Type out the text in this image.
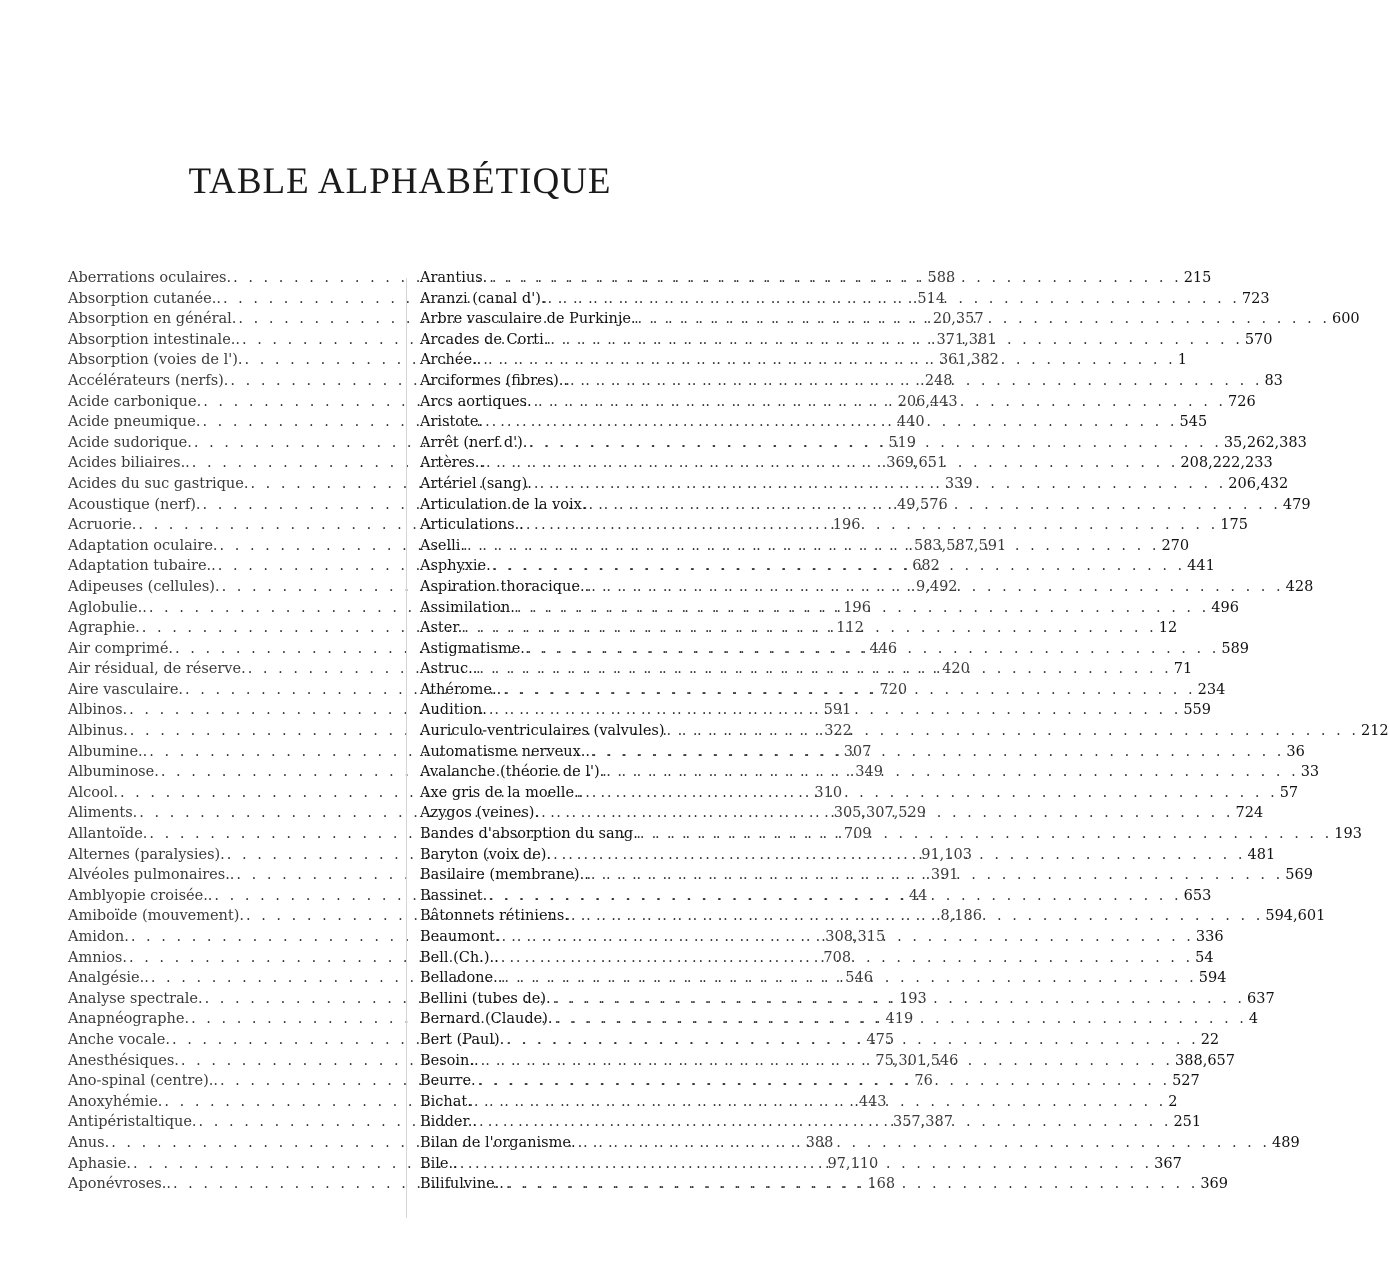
TABLE ALPHABÉTIQUE
Aberrations oculaires. . . .	588
Absorption cutanée.. . . .	514
Absorption en général. . . .	20,357
Absorption intestinale.. . . .	371,381
Absorption (voies de l'). . . .	361,382
Accélérateurs (nerfs). . . .	248
Acide carbonique. . . .	206,443
Acide pneumique. . . .	440
Acide sudorique. . . .	519
Acides biliaires.. . . .	369,651
Acides du suc gastrique. . . .	339
Acoustique (nerf). . . .	49,576
Acruorie. . . .	196
Adaptation oculaire. . . .	583,587,591
Adaptation tubaire.. . . .	682
Adipeuses (cellules). . . .	9,492
Aglobulie.. . . .	196
Agraphie. . . .	112
Air comprimé. . . .	446
Air résidual, de réserve. . . .	420
Aire vasculaire. . . .	720
Albinos. . . .	591
Albinus. . . .	322
Albumine.. . . .	307
Albuminose. . . .	349
Alcool. . . .	310
Aliments. . . .	305,307,529
Allantoïde. . . .	709
Alternes (paralysies). . . .	91,103
Alvéoles pulmonaires.. . . .	391
Amblyopie croisée.. . . .	44
Amiboïde (mouvement). . . .	8,186
Amidon. . . .	308,315
Amnios. . . .	708
Analgésie.. . . .	546
Analyse spectrale. . . .	193
Anapnéographe. . . .	419
Anche vocale. . . .	475
Anesthésiques. . . .	75,301,546
Ano-spinal (centre).. . . .	76
Anoxyhémie. . . .	443
Antipéristaltique. . . .	357,387
Anus. . . .	388
Aphasie. . . .	97,110
Aponévroses.. . . .	168
Arantius. . . .	215
Aranzi (canal d'). . . .	723
Arbre vasculaire de Purkinje. . . .	600
Arcades de Corti. . . .	570
Archée.. . . .	1
Arciformes (fibres).. . . .	83
Arcs aortiques. . . .	726
Aristote. . . .	545
Arrêt (nerf d'). . . .	35,262,383
Artères.. . . .	208,222,233
Artériel (sang). . . .	206,432
Articulation de la voix. . . .	479
Articulations.. . . .	175
Aselli. . . .	270
Asphyxie. . . .	441
Aspiration thoracique.. . . .	428
Assimilation. . . .	496
Aster. . . .	12
Astigmatisme. . . .	589
Astruc.. . . .	71
Athérome.. . . .	234
Audition. . . .	559
Auriculo-ventriculaires (valvules) . . .	212
Automatisme nerveux.. . . .	36
Avalanche (théorie de l'). . . .	33
Axe gris de la moelle.. . . .	57
Azygos (veines). . . .	724
Bandes d'absorption du sang. . . .	193
Baryton (voix de). . . .	481
Basilaire (membrane).. . . .	569
Bassinet. . . .	653
Bâtonnets rétiniens. . . .	594,601
Beaumont. . . .	336
Bell (Ch.).. . . .	54
Belladone.. . . .	594
Bellini (tubes de). . . .	637
Bernard (Claude). . . .	4
Bert (Paul). . . .	22
Besoin.. . . .	388,657
Beurre. . . .	527
Bichat. . . .	2
Bidder.. . . .	251
Bilan de l'organisme. . . .	489
Bile.. . . .	367
Bilifulvine.. . . .	369
